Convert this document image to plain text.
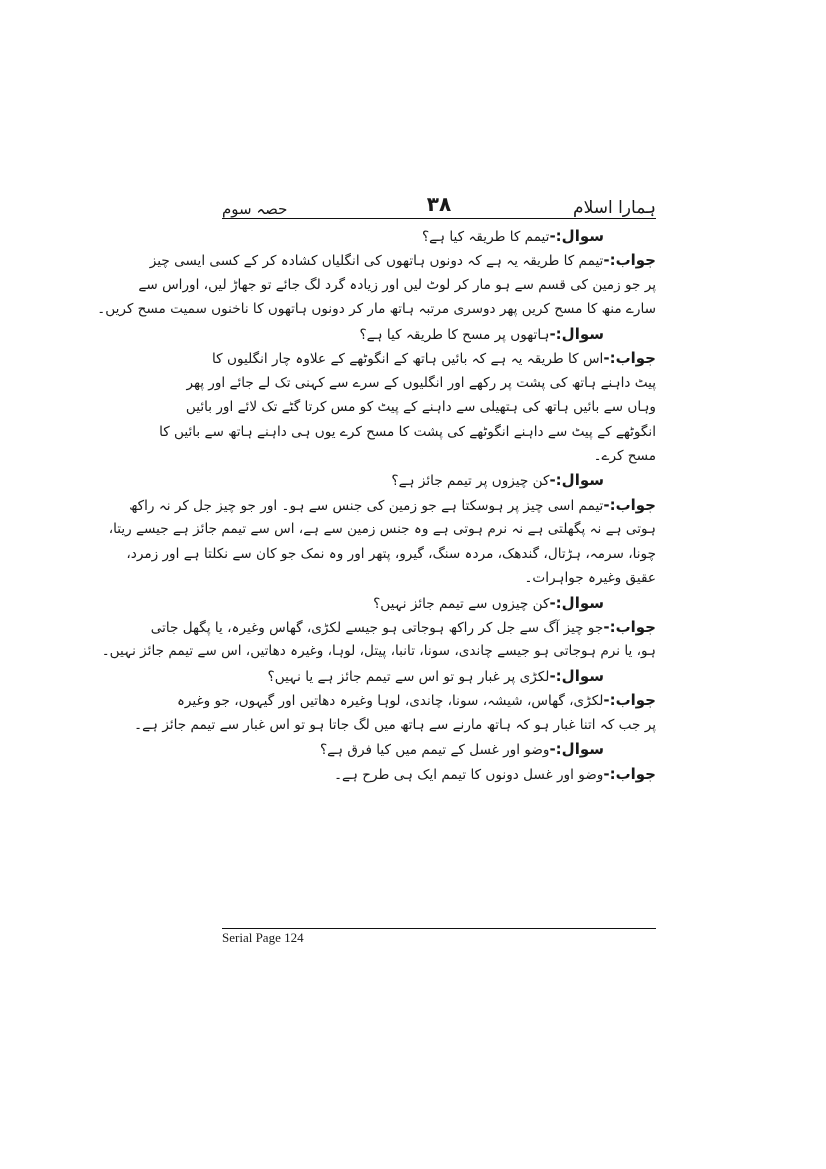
حصہ سوم	۳۸	ہمارا اسلام
سوال:-تیمم کا طریقہ کیا ہے؟
جواب:-تیمم کا طریقہ یہ ہے کہ دونوں ہاتھوں کی انگلیاں کشادہ کر کے کسی ایسی چیز
پر جو زمین کی قسم سے ہو مار کر لوٹ لیں اور زیادہ گرد لگ جائے تو جھاڑ لیں، اوراس سے
سارے منھ کا مسح کریں پھر دوسری مرتبہ ہاتھ مار کر دونوں ہاتھوں کا ناخنوں سمیت مسح کریں۔
سوال:-ہاتھوں پر مسح کا طریقہ کیا ہے؟
جواب:-اس کا طریقہ یہ ہے کہ بائیں ہاتھ کے انگوٹھے کے علاوہ چار انگلیوں کا
پیٹ داہنے ہاتھ کی پشت پر رکھے اور انگلیوں کے سرے سے کہنی تک لے جائے اور پھر
وہاں سے بائیں ہاتھ کی ہتھیلی سے داہنے کے پیٹ کو مس کرتا گٹے تک لائے اور بائیں
انگوٹھے کے پیٹ سے داہنے انگوٹھے کی پشت کا مسح کرے یوں ہی داہنے ہاتھ سے بائیں کا
مسح کرے۔
سوال:-کن چیزوں پر تیمم جائز ہے؟
جواب:-تیمم اسی چیز پر ہوسکتا ہے جو زمین کی جنس سے ہو۔ اور جو چیز جل کر نہ راکھ
ہوتی ہے نہ پگھلتی ہے نہ نرم ہوتی ہے وہ جنس زمین سے ہے، اس سے تیمم جائز ہے جیسے ریتا،
چونا، سرمہ، ہڑتال، گندھک، مردہ سنگ، گیرو، پتھر اور وہ نمک جو کان سے نکلتا ہے اور زمرد،
عقیق وغیرہ جواہرات۔
سوال:-کن چیزوں سے تیمم جائز نہیں؟
جواب:-جو چیز آگ سے جل کر راکھ ہوجاتی ہو جیسے لکڑی، گھاس وغیرہ، یا پگھل جاتی
ہو، یا نرم ہوجاتی ہو جیسے چاندی، سونا، تانبا، پیتل، لوہا، وغیرہ دھاتیں، اس سے تیمم جائز نہیں۔
سوال:-لکڑی پر غبار ہو تو اس سے تیمم جائز ہے یا نہیں؟
جواب:-لکڑی، گھاس، شیشہ، سونا، چاندی، لوہا وغیرہ دھاتیں اور گیہوں، جو وغیرہ
پر جب کہ اتنا غبار ہو کہ ہاتھ مارنے سے ہاتھ میں لگ جاتا ہو تو اس غبار سے تیمم جائز ہے۔
سوال:-وضو اور غسل کے تیمم میں کیا فرق ہے؟
جواب:-وضو اور غسل دونوں کا تیمم ایک ہی طرح ہے۔
Serial Page 124
